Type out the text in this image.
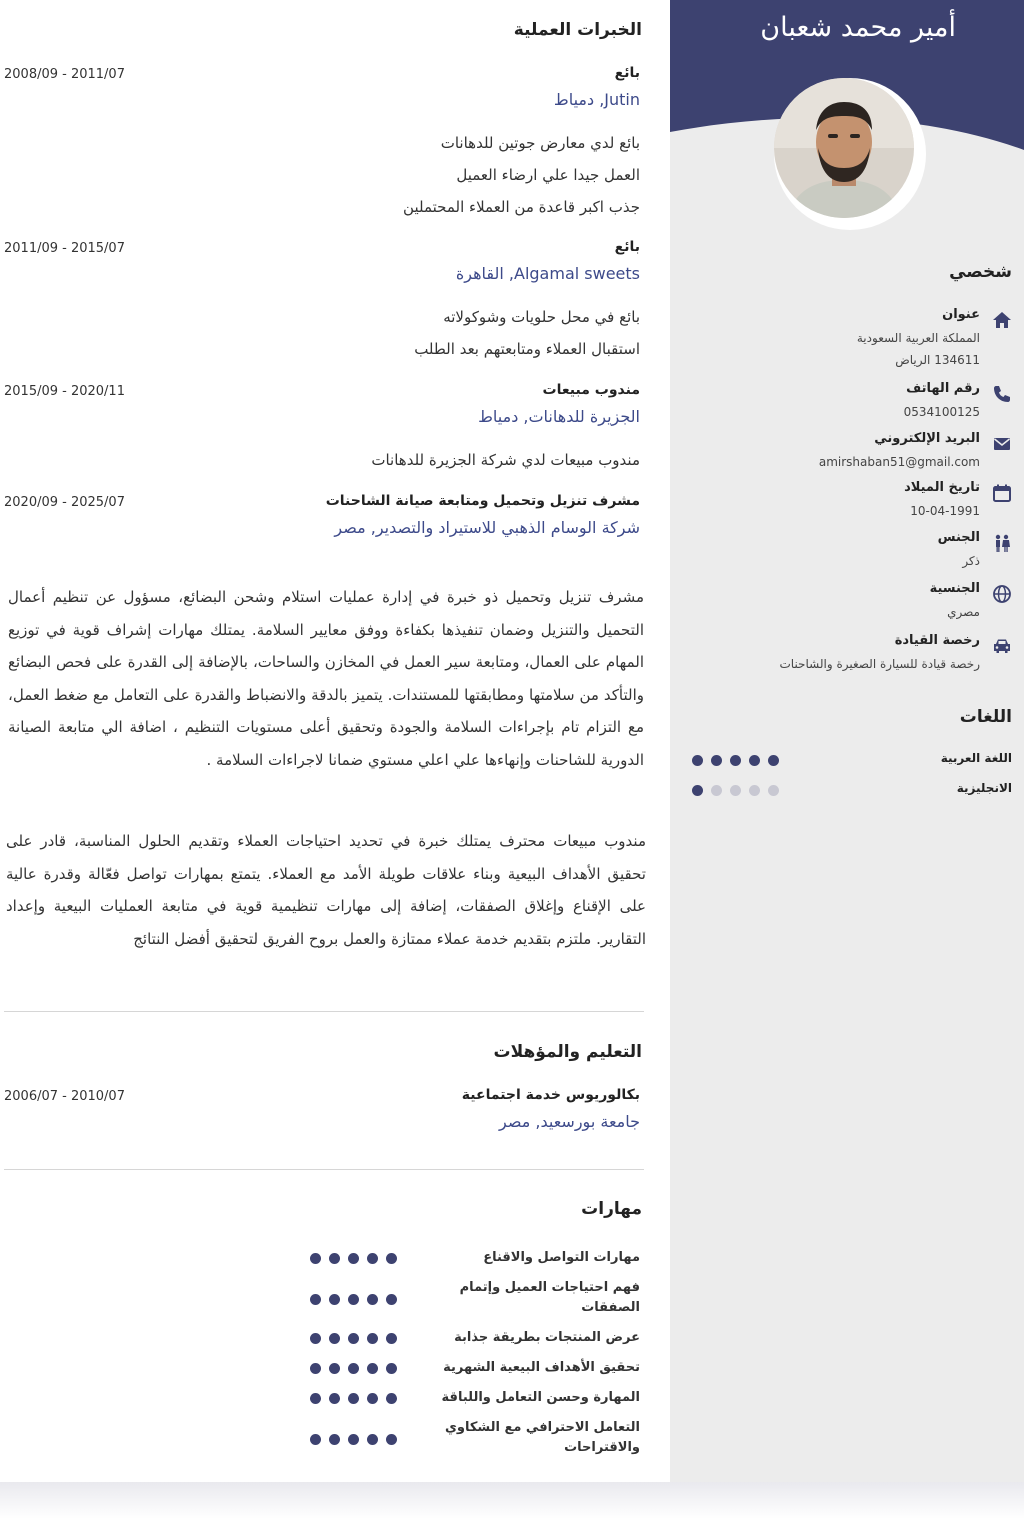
أمير محمد شعبان
شخصي
عنوان
المملكة العربية السعودية
134611 الرياض
رقم الهاتف
0534100125
البريد الإلكتروني
amirshaban51@gmail.com
تاريخ الميلاد
10-04-1991
الجنس
ذكر
الجنسية
مصري
رخصة القيادة
رخصة قيادة للسيارة الصغيرة والشاحنات
اللغات
اللغة العربية
الانجليزية
الخبرات العملية
بائع
2008/09 - 2011/07
Jutin, دمياط
بائع لدي معارض جوتين للدهانات
العمل جيدا علي ارضاء العميل
جذب اكبر قاعدة من العملاء المحتملين
بائع
2011/09 - 2015/07
Algamal sweets, القاهرة
بائع في محل حلويات وشوكولاته
استقبال العملاء ومتابعتهم بعد الطلب
مندوب مبيعات
2015/09 - 2020/11
الجزيرة للدهانات, دمياط
مندوب مبيعات لدي شركة الجزيرة للدهانات
مشرف تنزيل وتحميل ومتابعة صيانة الشاحنات
2020/09 - 2025/07
شركة الوسام الذهبي للاستيراد والتصدير, مصر

مشرف تنزيل وتحميل ذو خبرة في إدارة عمليات استلام وشحن البضائع، مسؤول عن تنظيم أعمال التحميل والتنزيل وضمان تنفيذها بكفاءة ووفق معايير السلامة. يمتلك مهارات إشراف قوية في توزيع المهام على العمال، ومتابعة سير العمل في المخازن والساحات، بالإضافة إلى القدرة على فحص البضائع والتأكد من سلامتها ومطابقتها للمستندات. يتميز بالدقة والانضباط والقدرة على التعامل مع ضغط العمل، مع التزام تام بإجراءات السلامة والجودة وتحقيق أعلى مستويات التنظيم ، اضافة الي متابعة الصيانة الدورية للشاحنات وإنهاءها علي اعلي مستوي ضمانا لاجراءات السلامة .

مندوب مبيعات محترف يمتلك خبرة في تحديد احتياجات العملاء وتقديم الحلول المناسبة، قادر على تحقيق الأهداف البيعية وبناء علاقات طويلة الأمد مع العملاء. يتمتع بمهارات تواصل فعّالة وقدرة عالية على الإقناع وإغلاق الصفقات، إضافة إلى مهارات تنظيمية قوية في متابعة العمليات البيعية وإعداد التقارير. ملتزم بتقديم خدمة عملاء ممتازة والعمل بروح الفريق لتحقيق أفضل النتائج

التعليم والمؤهلات
بكالوريوس خدمة اجتماعية
2006/07 - 2010/07
جامعة بورسعيد, مصر
مهارات
مهارات التواصل والاقناع
فهم احتياجات العميل وإتمام الصفقات
عرض المنتجات بطريقة جذابة
تحقيق الأهداف البيعية الشهرية
المهارة وحسن التعامل واللباقة
التعامل الاحترافي مع الشكاوي والاقتراحات
